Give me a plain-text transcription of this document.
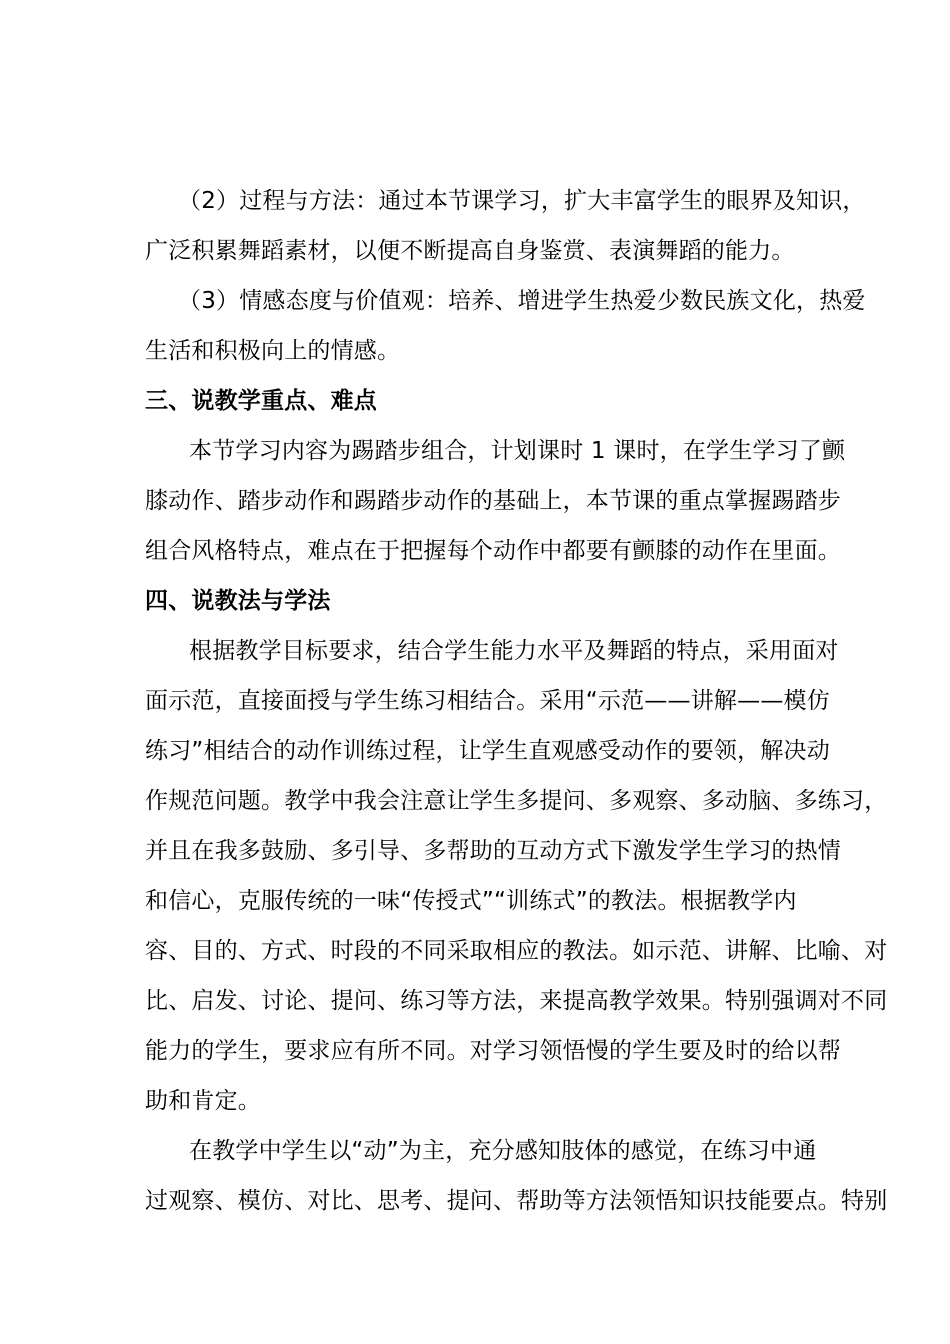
（2）过程与方法：通过本节课学习，扩大丰富学生的眼界及知识，
广泛积累舞蹈素材，以便不断提高自身鉴赏、表演舞蹈的能力。
（3）情感态度与价值观：培养、增进学生热爱少数民族文化，热爱
生活和积极向上的情感。
三、说教学重点、难点
本节学习内容为踢踏步组合，计划课时 1 课时，在学生学习了颤
膝动作、踏步动作和踢踏步动作的基础上，本节课的重点掌握踢踏步
组合风格特点，难点在于把握每个动作中都要有颤膝的动作在里面。
四、说教法与学法
根据教学目标要求，结合学生能力水平及舞蹈的特点，采用面对
面示范，直接面授与学生练习相结合。采用“示范——讲解——模仿
练习”相结合的动作训练过程，让学生直观感受动作的要领，解决动
作规范问题。教学中我会注意让学生多提问、多观察、多动脑、多练习，
并且在我多鼓励、多引导、多帮助的互动方式下激发学生学习的热情
和信心，克服传统的一味“传授式”“训练式”的教法。根据教学内
容、目的、方式、时段的不同采取相应的教法。如示范、讲解、比喻、对
比、启发、讨论、提问、练习等方法，来提高教学效果。特别强调对不同
能力的学生，要求应有所不同。对学习领悟慢的学生要及时的给以帮
助和肯定。
在教学中学生以“动”为主，充分感知肢体的感觉，在练习中通
过观察、模仿、对比、思考、提问、帮助等方法领悟知识技能要点。特别
